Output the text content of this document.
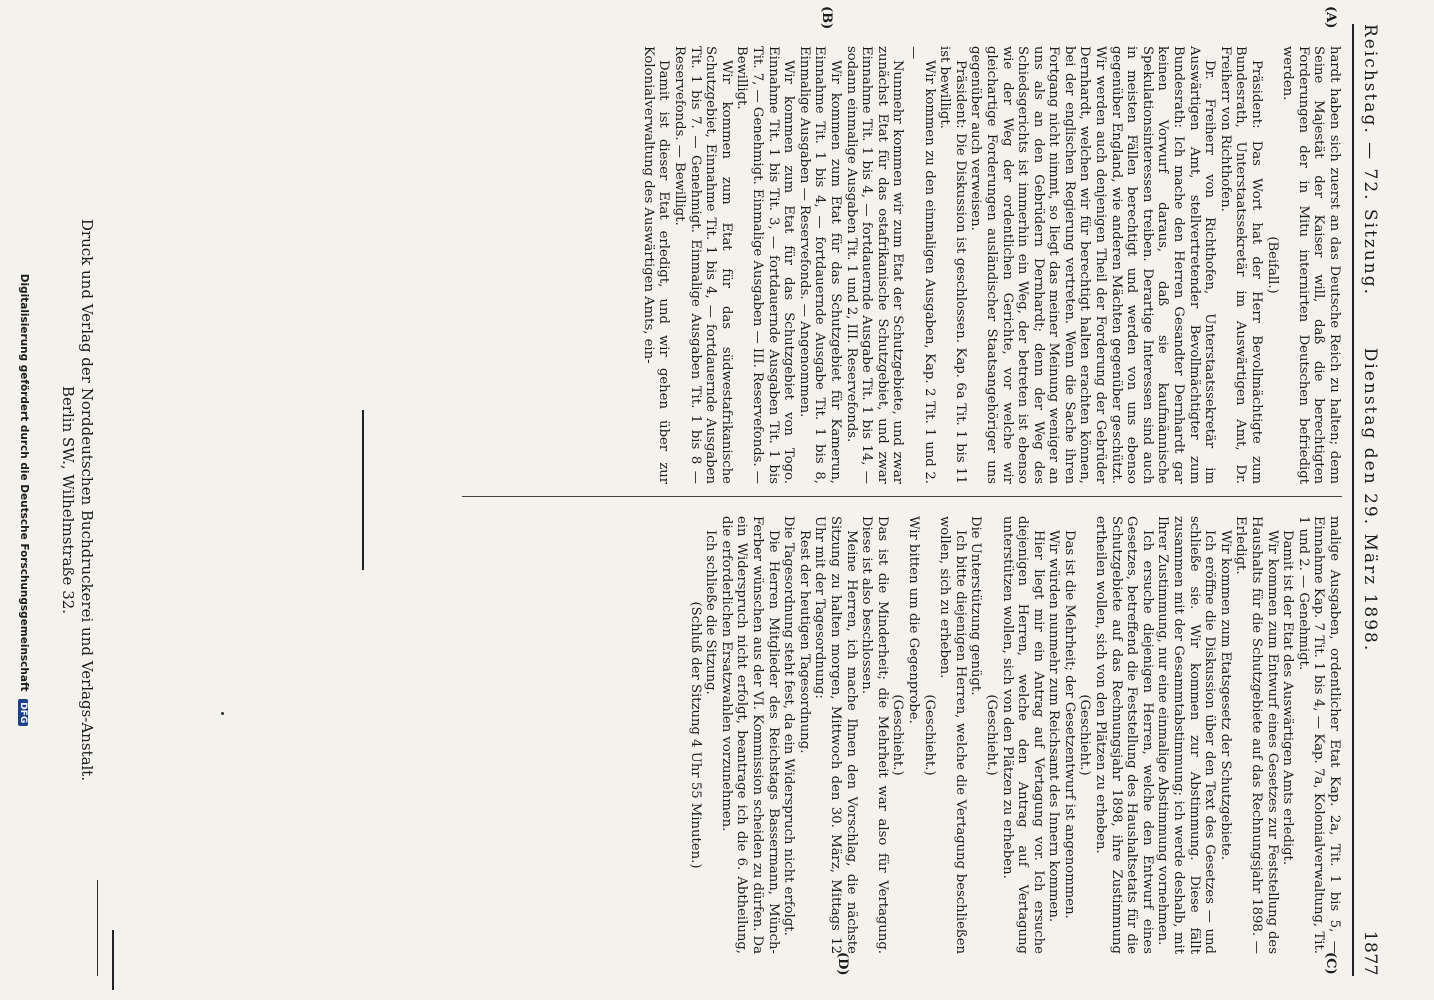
Reichstag. — 72. Sitzung.
Dienstag den 29. März 1898.
1877
(A)
(B)
(C)
(D)

hardt haben sich zuerst an das Deutsche Reich zu halten; denn Seine Majestät der Kaiser will, daß die berechtigten Forderungen der in Mitu internirten Deutschen befriedigt werden.

(Beifall.)

Präsident: Das Wort hat der Herr Bevollmächtigte zum Bundesrath, Unterstaatssekretär im Auswärtigen Amt, Dr. Freiherr von Richthofen.

Dr. Freiherr von Richthofen, Unterstaatssekretär im Auswärtigen Amt, stellvertretender Bevollmächtigter zum Bundesrath: Ich mache den Herren Gesandter Dernhardt gar keinen Vorwurf daraus, daß sie kaufmännische Spekulationsinteressen treiben. Derartige Interessen sind auch in meisten Fällen berechtigt und werden von uns ebenso gegenüber England, wie anderen Mächten gegenüber geschützt. Wir werden auch denjenigen Theil der Forderung der Gebrüder Dernhardt, welchen wir für berechtigt halten erachten können, bei der englischen Regierung vertreten. Wenn die Sache ihren Fortgang nicht nimmt, so liegt das meiner Meinung weniger an uns als an den Gebrüdern Dernhardt; denn der Weg des Schiedsgerichts ist immerhin ein Weg, der betreten ist ebenso wie der Weg der ordentlichen Gerichte, vor welche wir gleichartige Forderungen ausländischer Staatsangehöriger uns gegenüber auch verweisen.

Präsident: Die Diskussion ist geschlossen. Kap. 6a Tit. 1 bis 11 ist bewilligt.

Wir kommen zu den einmaligen Ausgaben, Kap. 2 Tit. 1 und 2. —

Nunmehr kommen wir zum Etat der Schutzgebiete, und zwar zunächst Etat für das ostafrikanische Schutzgebiet, und zwar Einnahme Tit. 1 bis 4, — fortdauernde Ausgabe Tit. 1 bis 14, — sodann einmalige Ausgaben Tit. 1 und 2, III. Reservefonds.

Wir kommen zum Etat für das Schutzgebiet für Kamerun, Einnahme Tit. 1 bis 4, — fortdauernde Ausgabe Tit. 1 bis 8, Einmalige Ausgaben — Reservefonds. — Angenommen.

Wir kommen zum Etat für das Schutzgebiet von Togo. Einnahme Tit. 1 bis Tit. 3, — fortdauernde Ausgaben Tit. 1 bis Tit. 7, — Genehmigt. Einmalige Ausgaben — III. Reservefonds. — Bewilligt.

Wir kommen zum Etat für das südwestafrikanische Schutzgebiet, Einnahme Tit. 1 bis 4, — fortdauernde Ausgaben Tit. 1 bis 7. — Genehmigt. Einmalige Ausgaben Tit. 1 bis 8 — Reservefonds. — Bewilligt.

Damit ist dieser Etat erledigt, und wir gehen über zur Kolonialverwaltung des Auswärtigen Amts, ein-

malige Ausgaben, ordentlicher Etat Kap. 2a, Tit. 1 bis 5, — Einnahme Kap. 7 Tit. 1 bis 4, — Kap. 7a, Kolonialverwaltung, Tit. 1 und 2. — Genehmigt.

Damit ist der Etat des Auswärtigen Amts erledigt.

Wir kommen zum Entwurf eines Gesetzes zur Feststellung des Haushalts für die Schutzgebiete auf das Rechnungsjahr 1898. — Erledigt.

Wir kommen zum Etatsgesetz der Schutzgebiete.

Ich eröffne die Diskussion über den Text des Gesetzes — und schließe sie. Wir kommen zur Abstimmung. Diese fällt zusammen mit der Gesammtabstimmung; ich werde deshalb, mit Ihrer Zustimmung, nur eine einmalige Abstimmung vornehmen.

Ich ersuche diejenigen Herren, welche den Entwurf eines Gesetzes, betreffend die Feststellung des Haushaltsetats für die Schutzgebiete auf das Rechnungsjahr 1898, ihre Zustimmung ertheilen wollen, sich von den Plätzen zu erheben.

(Geschieht.)

Das ist die Mehrheit; der Gesetzentwurf ist angenommen.

Wir würden nunmehr zum Reichsamt des Innern kommen.

Hier liegt mir ein Antrag auf Vertagung vor. Ich ersuche diejenigen Herren, welche den Antrag auf Vertagung unterstützen wollen, sich von den Plätzen zu erheben.

(Geschieht.)

Die Unterstützung genügt.

Ich bitte diejenigen Herren, welche die Vertagung beschließen wollen, sich zu erheben.

(Geschieht.)

Wir bitten um die Gegenprobe.

(Geschieht.)

Das ist die Minderheit; die Mehrheit war also für Vertagung. Diese ist also beschlossen.

Meine Herren, ich mache Ihnen den Vorschlag, die nächste Sitzung zu halten morgen, Mittwoch den 30. März, Mittags 12 Uhr mit der Tagesordnung:

Rest der heutigen Tagesordnung.

Die Tagesordnung steht fest, da ein Widerspruch nicht erfolgt.

Die Herren Mitglieder des Reichstags Bassermann, Münch-Ferber wünschen aus der VI. Kommission scheiden zu dürfen. Da ein Widerspruch nicht erfolgt, beantrage ich die 6. Abtheilung, die erforderlichen Ersatzwahlen vorzunehmen.

Ich schließe die Sitzung.

(Schluß der Sitzung 4 Uhr 55 Minuten.)

Druck und Verlag der Norddeutschen Buchdruckerei und Verlags-Anstalt.
Berlin SW., Wilhelmstraße 32.
Digitalisierung gefördert durch die Deutsche Forschungsgemeinschaft DFG
